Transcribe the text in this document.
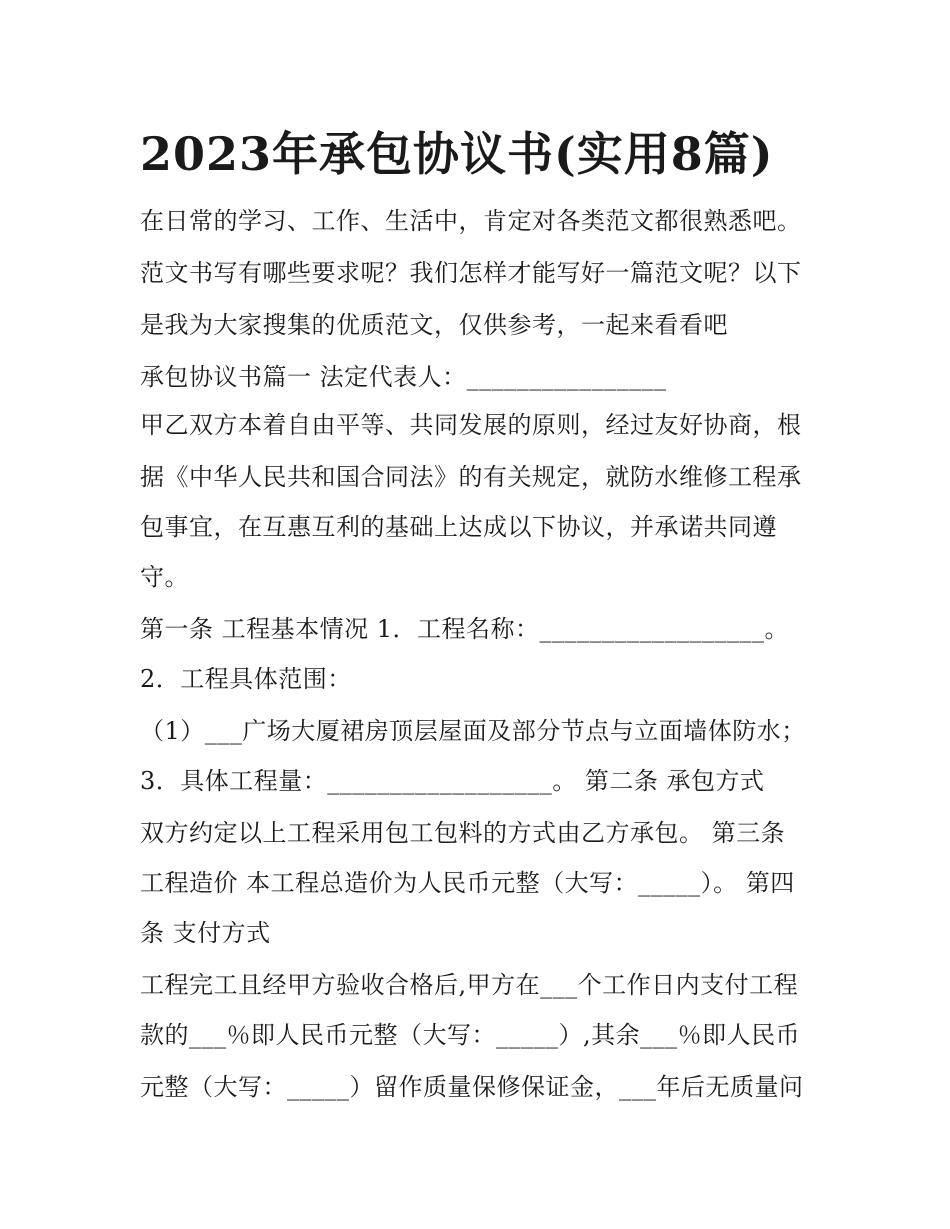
2023年承包协议书(实用8篇)

在日常的学习、工作、生活中，肯定对各类范文都很熟悉吧。

范文书写有哪些要求呢？我们怎样才能写好一篇范文呢？以下

是我为大家搜集的优质范文，仅供参考，一起来看看吧

承包协议书篇一 法定代表人：________________

甲乙双方本着自由平等、共同发展的原则，经过友好协商，根

据《中华人民共和国合同法》的有关规定，就防水维修工程承

包事宜，在互惠互利的基础上达成以下协议，并承诺共同遵

守。

第一条 工程基本情况 1．工程名称：__________________。

2．工程具体范围：

（1）___广场大厦裙房顶层屋面及部分节点与立面墙体防水；

3．具体工程量：__________________。 第二条 承包方式

双方约定以上工程采用包工包料的方式由乙方承包。 第三条

工程造价 本工程总造价为人民币元整（大写：_____）。 第四

条 支付方式

工程完工且经甲方验收合格后,甲方在___个工作日内支付工程

款的___％即人民币元整（大写：_____）,其余___％即人民币

元整（大写：_____）留作质量保修保证金，___年后无质量问
